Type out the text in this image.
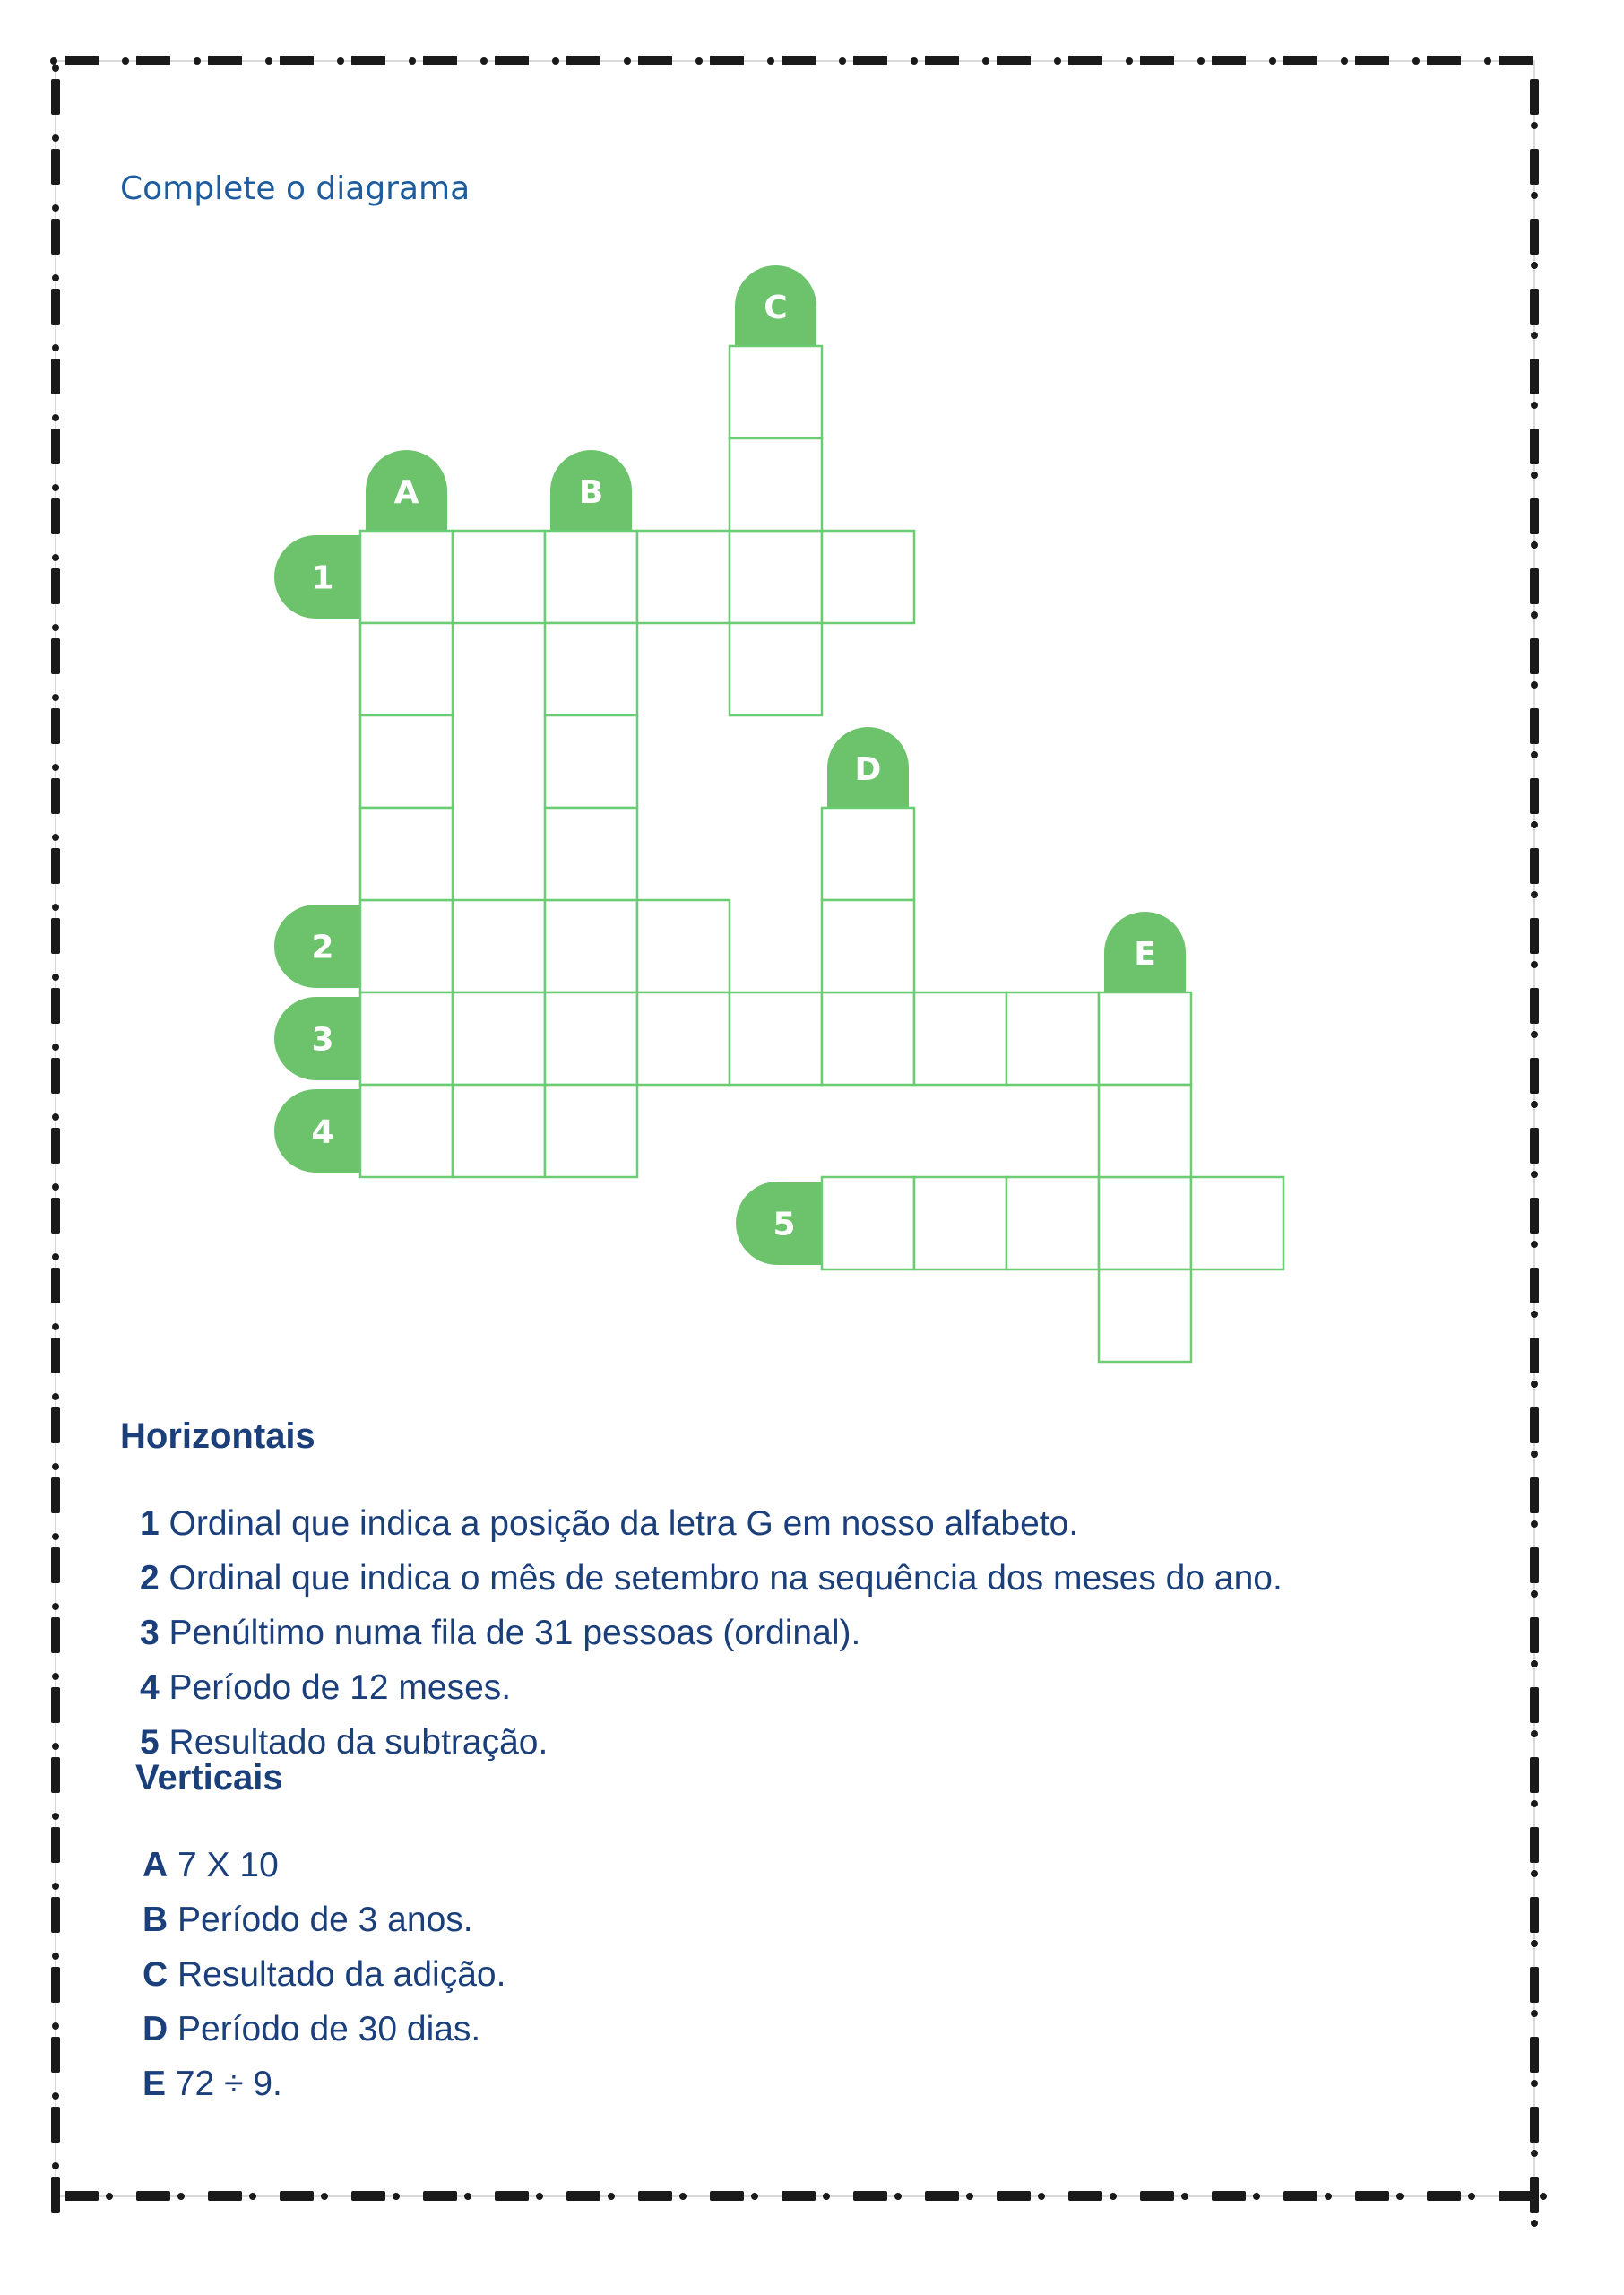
Complete o diagrama
A	B
C
D
E
1
2
3
4
5
Horizontais
1 Ordinal que indica a posição da letra G em nosso alfabeto.
2 Ordinal que indica o mês de setembro na sequência dos meses do ano.
3 Penúltimo numa fila de 31 pessoas (ordinal).
4 Período de 12 meses.
5 Resultado da subtração.
Verticais
A 7 X 10
B Período de 3 anos.
C Resultado da adição.
D Período de 30 dias.
E 72 ÷ 9.
